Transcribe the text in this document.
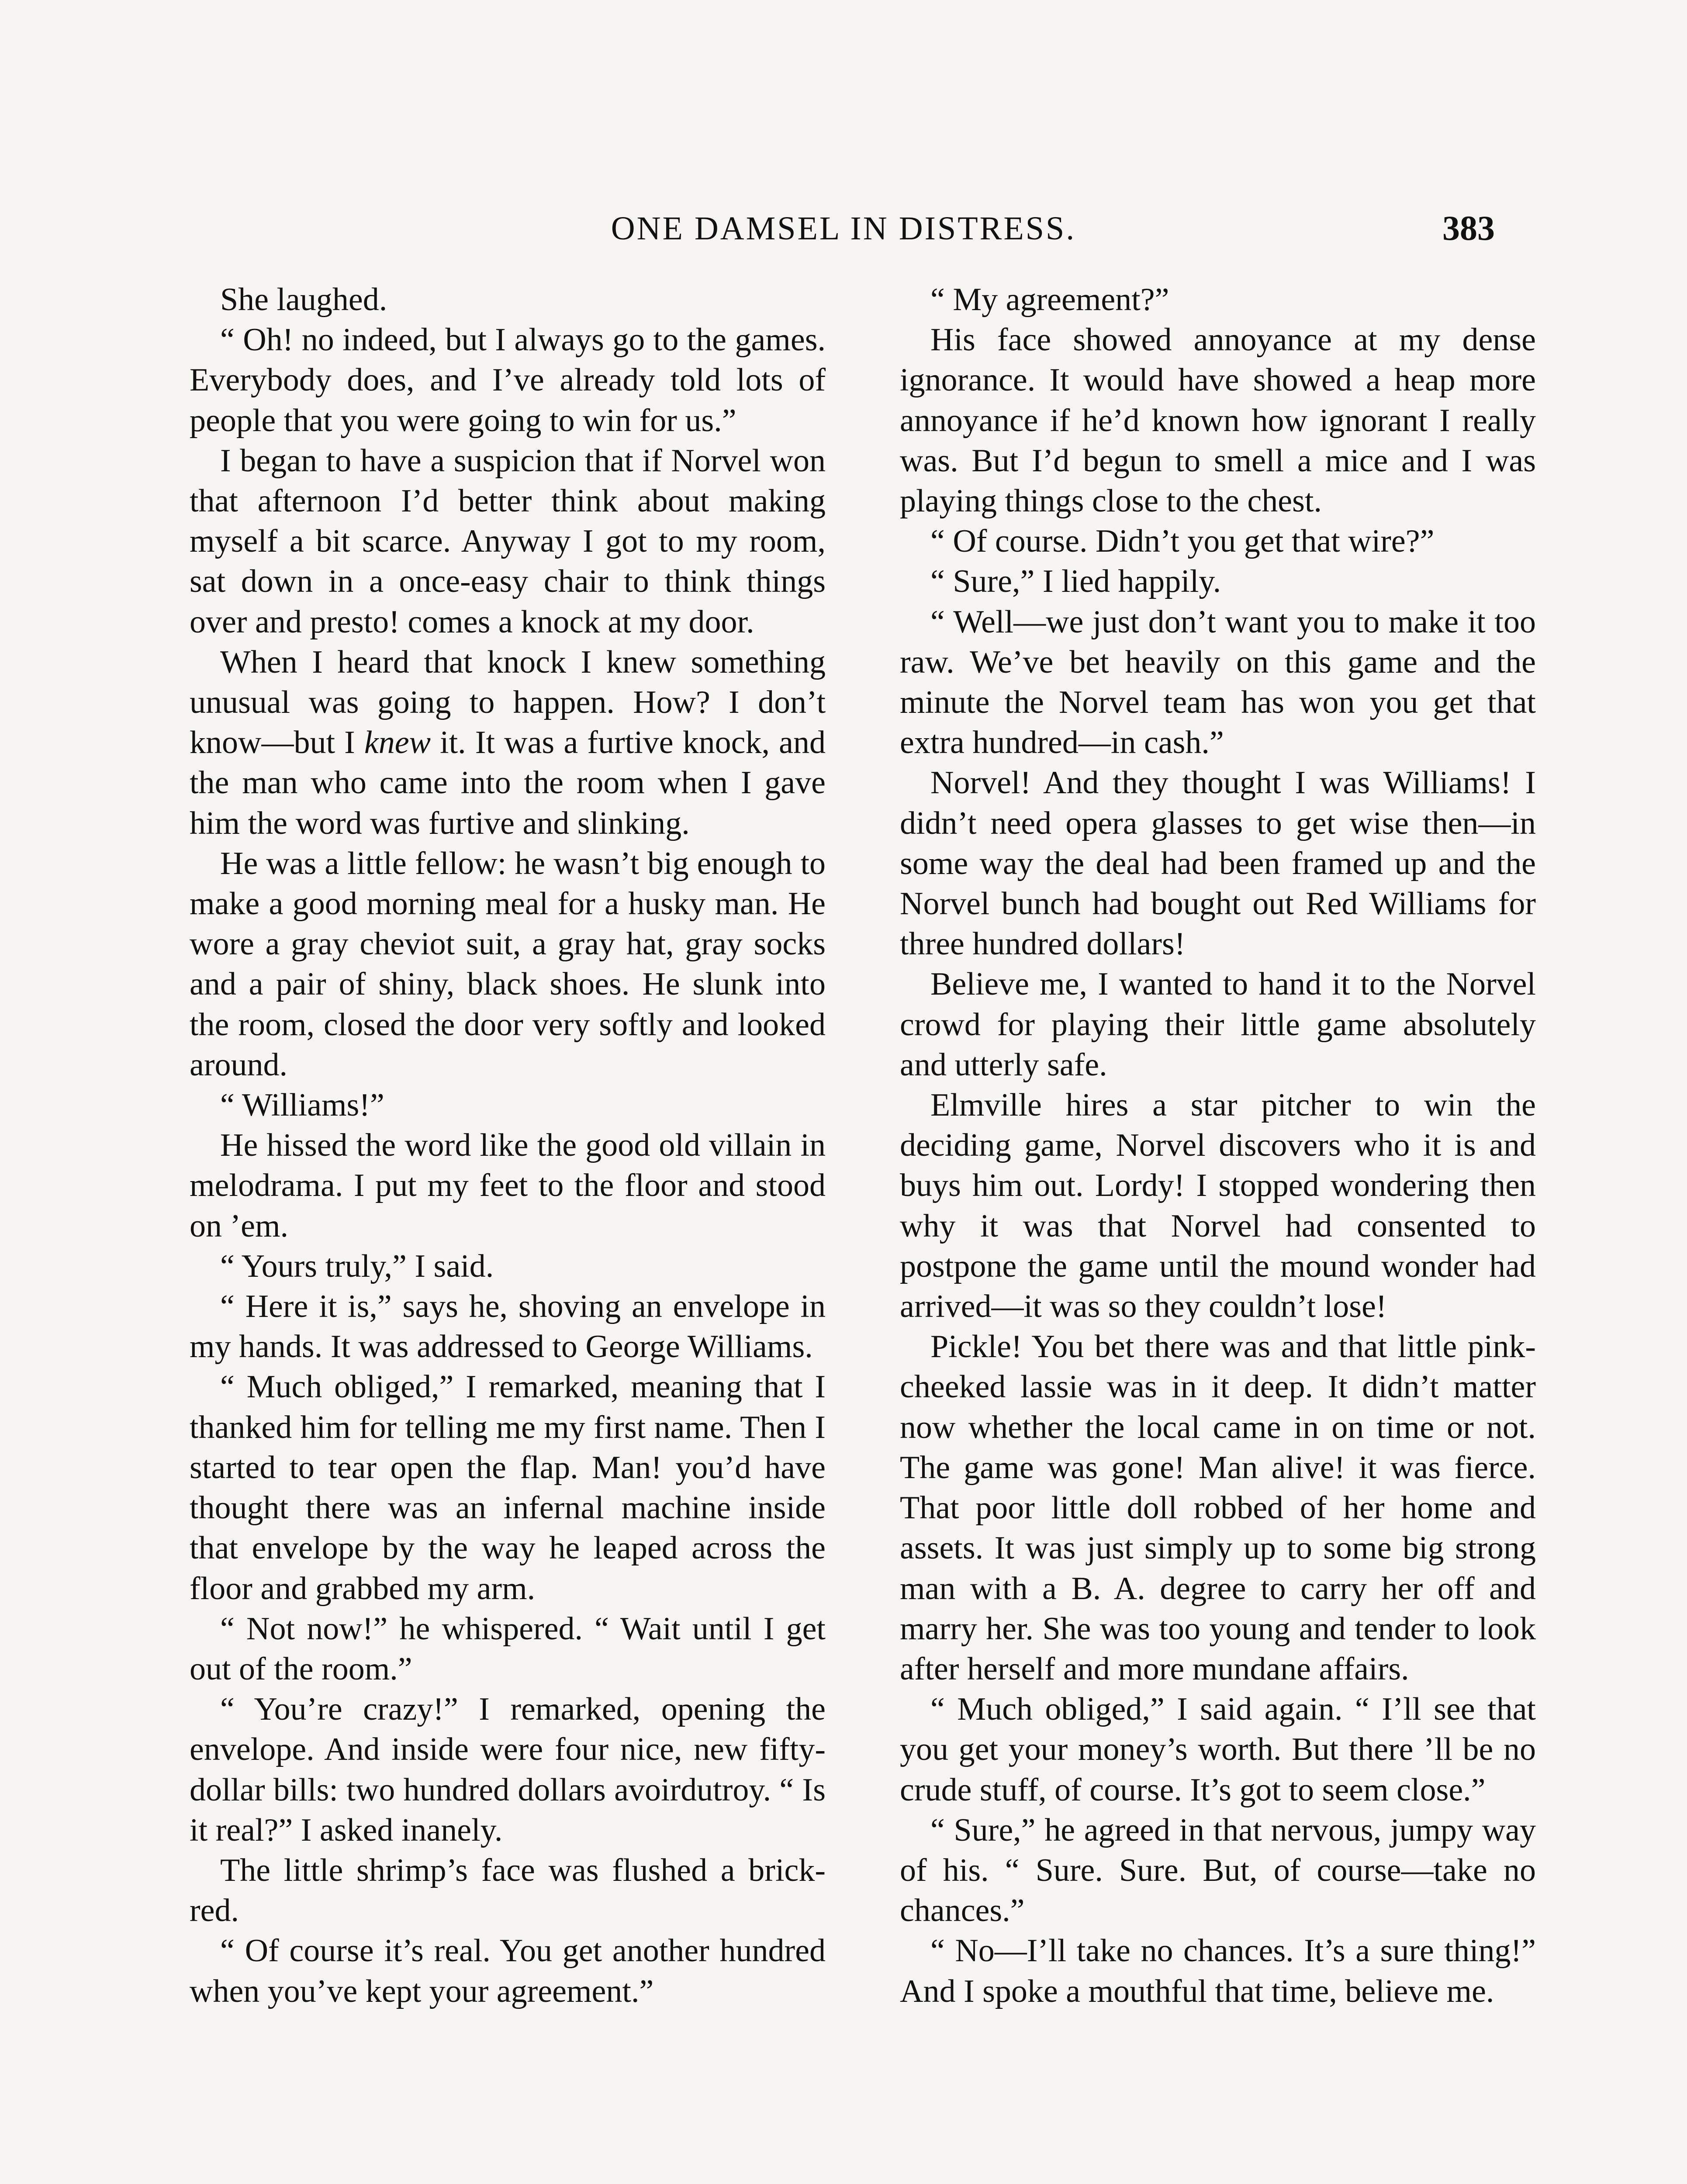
ONE DAMSEL IN DISTRESS.	383

She laughed.

“ Oh! no indeed, but I always go to the games. Everybody does, and I’ve already told lots of people that you were going to win for us.”

I began to have a suspicion that if Norvel won that afternoon I’d better think about making myself a bit scarce. Anyway I got to my room, sat down in a once-easy chair to think things over and presto! comes a knock at my door.

When I heard that knock I knew something unusual was going to happen. How? I don’t know—but I knew it. It was a furtive knock, and the man who came into the room when I gave him the word was furtive and slinking.

He was a little fellow: he wasn’t big enough to make a good morning meal for a husky man. He wore a gray cheviot suit, a gray hat, gray socks and a pair of shiny, black shoes. He slunk into the room, closed the door very softly and looked around.

“ Williams!”

He hissed the word like the good old villain in melodrama. I put my feet to the floor and stood on ’em.

“ Yours truly,” I said.

“ Here it is,” says he, shoving an envelope in my hands. It was addressed to George Williams.

“ Much obliged,” I remarked, meaning that I thanked him for telling me my first name. Then I started to tear open the flap. Man! you’d have thought there was an infernal machine inside that envelope by the way he leaped across the floor and grabbed my arm.

“ Not now!” he whispered. “ Wait until I get out of the room.”

“ You’re crazy!” I remarked, opening the envelope. And inside were four nice, new fifty-dollar bills: two hundred dollars avoirdutroy. “ Is it real?” I asked inanely.

The little shrimp’s face was flushed a brick-red.

“ Of course it’s real. You get another hundred when you’ve kept your agreement.”

“ My agreement?”

His face showed annoyance at my dense ignorance. It would have showed a heap more annoyance if he’d known how ignorant I really was. But I’d begun to smell a mice and I was playing things close to the chest.

“ Of course. Didn’t you get that wire?”

“ Sure,” I lied happily.

“ Well—we just don’t want you to make it too raw. We’ve bet heavily on this game and the minute the Norvel team has won you get that extra hundred—in cash.”

Norvel! And they thought I was Williams! I didn’t need opera glasses to get wise then—in some way the deal had been framed up and the Norvel bunch had bought out Red Williams for three hundred dollars!

Believe me, I wanted to hand it to the Norvel crowd for playing their little game absolutely and utterly safe.

Elmville hires a star pitcher to win the deciding game, Norvel discovers who it is and buys him out. Lordy! I stopped wondering then why it was that Norvel had consented to postpone the game until the mound wonder had arrived—it was so they couldn’t lose!

Pickle! You bet there was and that little pink-cheeked lassie was in it deep. It didn’t matter now whether the local came in on time or not. The game was gone! Man alive! it was fierce. That poor little doll robbed of her home and assets. It was just simply up to some big strong man with a B. A. degree to carry her off and marry her. She was too young and tender to look after herself and more mundane affairs.

“ Much obliged,” I said again. “ I’ll see that you get your money’s worth. But there ’ll be no crude stuff, of course. It’s got to seem close.”

“ Sure,” he agreed in that nervous, jumpy way of his. “ Sure. Sure. But, of course—take no chances.”

“ No—I’ll take no chances. It’s a sure thing!” And I spoke a mouthful that time, believe me.
